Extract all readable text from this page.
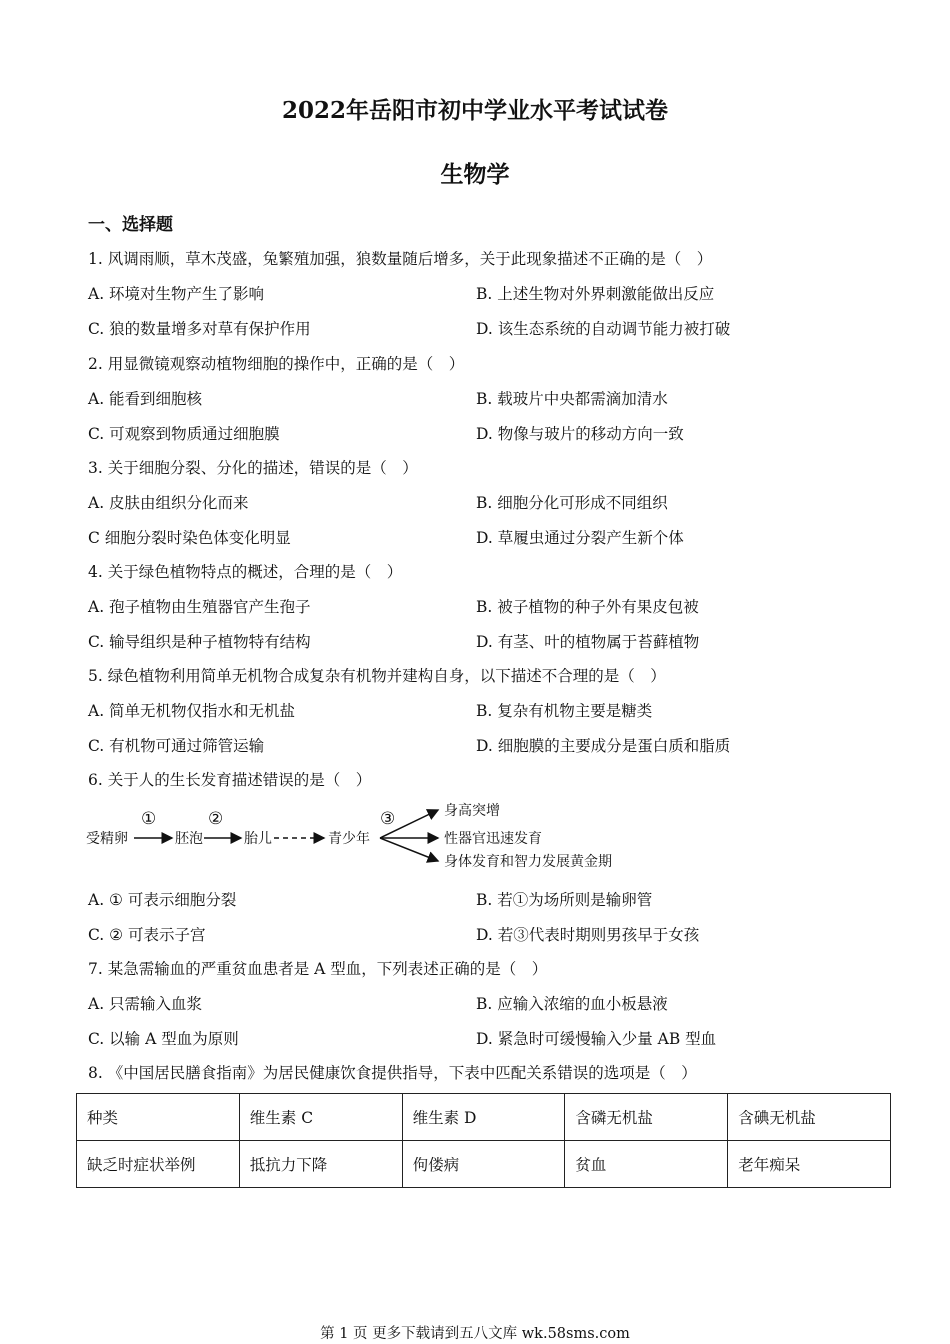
2022年岳阳市初中学业水平考试试卷
生物学
一、选择题
1. 风调雨顺，草木茂盛，兔繁殖加强，狼数量随后增多，关于此现象描述不正确的是（　）
A. 环境对生物产生了影响	B. 上述生物对外界刺激能做出反应
C. 狼的数量增多对草有保护作用	D. 该生态系统的自动调节能力被打破
2. 用显微镜观察动植物细胞的操作中，正确的是（　）
A. 能看到细胞核	B. 载玻片中央都需滴加清水
C. 可观察到物质通过细胞膜	D. 物像与玻片的移动方向一致
3. 关于细胞分裂、分化的描述，错误的是（　）
A. 皮肤由组织分化而来	B. 细胞分化可形成不同组织
C 细胞分裂时染色体变化明显	D. 草履虫通过分裂产生新个体
4. 关于绿色植物特点的概述，合理的是（　）
A. 孢子植物由生殖器官产生孢子	B. 被子植物的种子外有果皮包被
C. 输导组织是种子植物特有结构	D. 有茎、叶的植物属于苔藓植物
5. 绿色植物利用简单无机物合成复杂有机物并建构自身，以下描述不合理的是（　）
A. 简单无机物仅指水和无机盐	B. 复杂有机物主要是糖类
C. 有机物可通过筛管运输	D. 细胞膜的主要成分是蛋白质和脂质
6. 关于人的生长发育描述错误的是（　）
受精卵	胚泡	胎儿	青少年
①	②	③	身高突增
性器官迅速发育
身体发育和智力发展黄金期
A. ① 可表示细胞分裂	B. 若①为场所则是输卵管
C. ② 可表示子宫	D. 若③代表时期则男孩早于女孩
7. 某急需输血的严重贫血患者是 A 型血，下列表述正确的是（　）
A. 只需输入血浆	B. 应输入浓缩的血小板悬液
C. 以输 A 型血为原则	D. 紧急时可缓慢输入少量 AB 型血
8. 《中国居民膳食指南》为居民健康饮食提供指导，下表中匹配关系错误的选项是（　）
种类	维生素 C	维生素 D	含磷无机盐	含碘无机盐
缺乏时症状举例	抵抗力下降	佝偻病	贫血	老年痴呆
第 1 页 更多下载请到五八文库 wk.58sms.com
